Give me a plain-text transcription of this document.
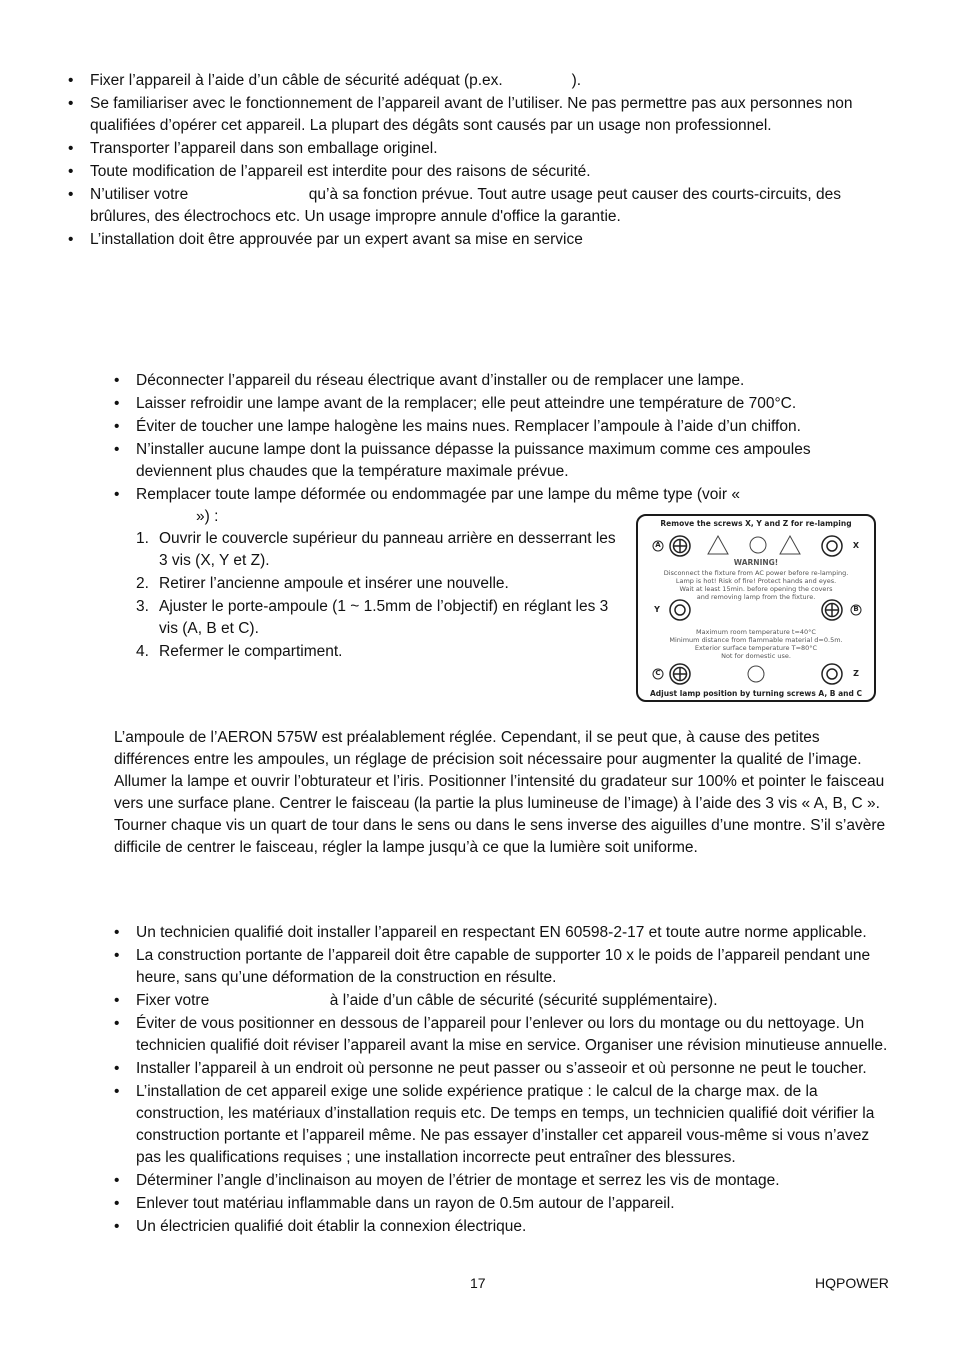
• Fixer l’appareil à l’aide d’un câble de sécurité adéquat (p.ex.                ).
• Se familiariser avec le fonctionnement de l’appareil avant de l’utiliser. Ne pas permettre pas aux personnes non qualifiées d’opérer cet appareil. La plupart des dégâts sont causés par un usage non professionnel.
• Transporter l’appareil dans son emballage originel.
• Toute modification de l’appareil est interdite pour des raisons de sécurité.
• N’utiliser votre                            qu’à sa fonction prévue. Tout autre usage peut causer des courts-circuits, des brûlures, des électrochocs etc. Un usage impropre annule d'office la garantie.
• L’installation doit être approuvée par un expert avant sa mise en service
• Déconnecter l’appareil du réseau électrique avant d’installer ou de remplacer une lampe.
• Laisser refroidir une lampe avant de la remplacer; elle peut atteindre une température de 700°C.
• Éviter de toucher une lampe halogène les mains nues. Remplacer l’ampoule à l’aide d’un chiffon.
• N’installer aucune lampe dont la puissance dépasse la puissance maximum comme ces ampoules deviennent plus chaudes que la température maximale prévue.
• Remplacer toute lampe déformée ou endommagée par une lampe du même type (voir «
») :
1. Ouvrir le couvercle supérieur du panneau arrière en desserrant les 3 vis (X, Y et Z).
2. Retirer l’ancienne ampoule et insérer une nouvelle.
3. Ajuster le porte-ampoule (1 ~ 1.5mm de l’objectif) en réglant les 3 vis (A, B et C).
4. Refermer le compartiment.
Remove the screws X, Y and Z for re-lamping
A	X
Y	B
C	Z
WARNING!
Disconnect the fixture from AC power before re-lamping.
Lamp is hot! Risk of fire! Protect hands and eyes.
Wait at least 15min. before opening the covers
and removing lamp from the fixture.
Maximum room temperature t=40°C
Minimum distance from flammable material d=0.5m.
Exterior surface temperature T=80°C
Not for domestic use.
Adjust lamp position by turning screws A, B and C

L’ampoule de l’AERON 575W est préalablement réglée. Cependant, il se peut que, à cause des petites différences entre les ampoules, un réglage de précision soit nécessaire pour augmenter la qualité de l’image. Allumer la lampe et ouvrir l’obturateur et l’iris. Positionner l’intensité du gradateur sur 100% et pointer le faisceau vers une surface plane. Centrer le faisceau (la partie la plus lumineuse de l’image) à l’aide des 3 vis « A, B, C ». Tourner chaque vis un quart de tour dans le sens ou dans le sens inverse des aiguilles d’une montre. S’il s’avère difficile de centrer le faisceau, régler la lampe jusqu’à ce que la lumière soit uniforme.

• Un technicien qualifié doit installer l’appareil en respectant EN 60598-2-17 et toute autre norme applicable.
• La construction portante de l’appareil doit être capable de supporter 10 x le poids de l’appareil pendant une heure, sans qu’une déformation de la construction en résulte.
• Fixer votre                            à l’aide d’un câble de sécurité (sécurité supplémentaire).
• Éviter de vous positionner en dessous de l’appareil pour l’enlever ou lors du montage ou du nettoyage. Un technicien qualifié doit réviser l’appareil avant la mise en service. Organiser une révision minutieuse annuelle.
• Installer l’appareil à un endroit où personne ne peut passer ou s’asseoir et où personne ne peut le toucher.
• L’installation de cet appareil exige une solide expérience pratique : le calcul de la charge max. de la construction, les matériaux d’installation requis etc. De temps en temps, un technicien qualifié doit vérifier la construction portante et l’appareil même. Ne pas essayer d’installer cet appareil vous-même si vous n’avez pas les qualifications requises ; une installation incorrecte peut entraîner des blessures.
• Déterminer l’angle d’inclinaison au moyen de l’étrier de montage et serrez les vis de montage.
• Enlever tout matériau inflammable dans un rayon de 0.5m autour de l’appareil.
• Un électricien qualifié doit établir la connexion électrique.
17	HQPOWER
